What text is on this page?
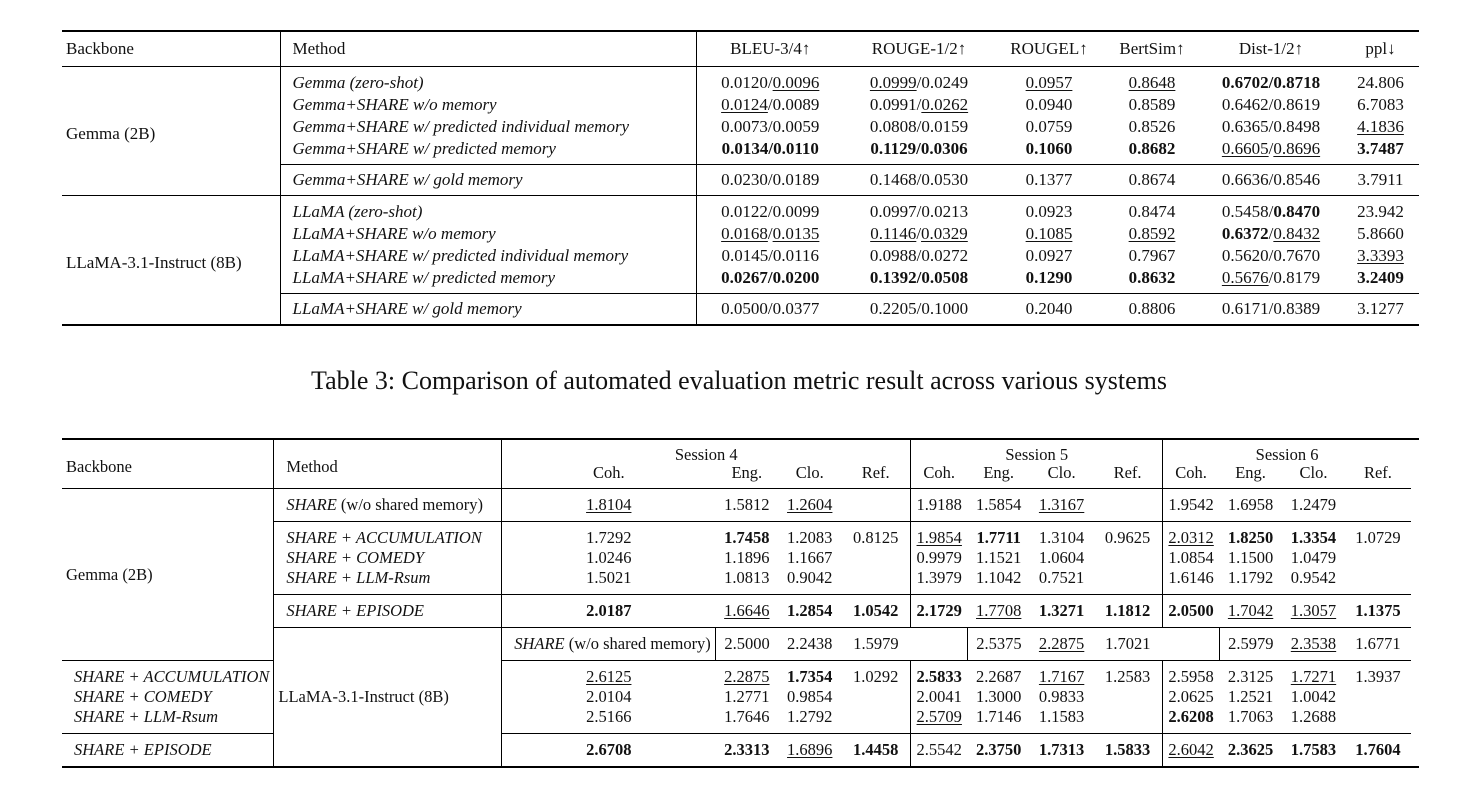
Backbone	Method	BLEU-3/4↑	ROUGE-1/2↑	ROUGEL↑	BertSim↑	Dist-1/2↑	ppl↓
Gemma (2B)	Gemma (zero-shot)	0.0120/0.0096	0.0999/0.0249	0.0957	0.8648	0.6702/0.8718	24.806
	Gemma+SHARE w/o memory	0.0124/0.0089	0.0991/0.0262	0.0940	0.8589	0.6462/0.8619	6.7083
	Gemma+SHARE w/ predicted individual memory	0.0073/0.0059	0.0808/0.0159	0.0759	0.8526	0.6365/0.8498	4.1836
	Gemma+SHARE w/ predicted memory	0.0134/0.0110	0.1129/0.0306	0.1060	0.8682	0.6605/0.8696	3.7487
	Gemma+SHARE w/ gold memory	0.0230/0.0189	0.1468/0.0530	0.1377	0.8674	0.6636/0.8546	3.7911
LLaMA-3.1-Instruct (8B)	LLaMA (zero-shot)	0.0122/0.0099	0.0997/0.0213	0.0923	0.8474	0.5458/0.8470	23.942
	LLaMA+SHARE w/o memory	0.0168/0.0135	0.1146/0.0329	0.1085	0.8592	0.6372/0.8432	5.8660
	LLaMA+SHARE w/ predicted individual memory	0.0145/0.0116	0.0988/0.0272	0.0927	0.7967	0.5620/0.7670	3.3393
	LLaMA+SHARE w/ predicted memory	0.0267/0.0200	0.1392/0.0508	0.1290	0.8632	0.5676/0.8179	3.2409
	LLaMA+SHARE w/ gold memory	0.0500/0.0377	0.2205/0.1000	0.2040	0.8806	0.6171/0.8389	3.1277
Table 3: Comparison of automated evaluation metric result across various systems
Backbone	Method	Session 4				Session 5				Session 6				
		Coh.	Eng.	Clo.	Ref.	Coh.	Eng.	Clo.	Ref.	Coh.	Eng.	Clo.	Ref.	
Gemma (2B)	SHARE (w/o shared memory)	1.8104	1.5812	1.2604		1.9188	1.5854	1.3167		1.9542	1.6958	1.2479		
	SHARE + ACCUMULATION	1.7292	1.7458	1.2083	0.8125	1.9854	1.7711	1.3104	0.9625	2.0312	1.8250	1.3354	1.0729	
	SHARE + COMEDY	1.0246	1.1896	1.1667		0.9979	1.1521	1.0604		1.0854	1.1500	1.0479		
	SHARE + LLM-Rsum	1.5021	1.0813	0.9042		1.3979	1.1042	0.7521		1.6146	1.1792	0.9542		
	SHARE + EPISODE	2.0187	1.6646	1.2854	1.0542	2.1729	1.7708	1.3271	1.1812	2.0500	1.7042	1.3057	1.1375	
	LLaMA-3.1-Instruct (8B)	SHARE (w/o shared memory)	2.5000	2.2438	1.5979		2.5375	2.2875	1.7021		2.5979	2.3538	1.6771	
SHARE + ACCUMULATION		2.6125	2.2875	1.7354	1.0292	2.5833	2.2687	1.7167	1.2583	2.5958	2.3125	1.7271	1.3937	
SHARE + COMEDY		2.0104	1.2771	0.9854		2.0041	1.3000	0.9833		2.0625	1.2521	1.0042		
SHARE + LLM-Rsum		2.5166	1.7646	1.2792		2.5709	1.7146	1.1583		2.6208	1.7063	1.2688		
SHARE + EPISODE		2.6708	2.3313	1.6896	1.4458	2.5542	2.3750	1.7313	1.5833	2.6042	2.3625	1.7583	1.7604	
